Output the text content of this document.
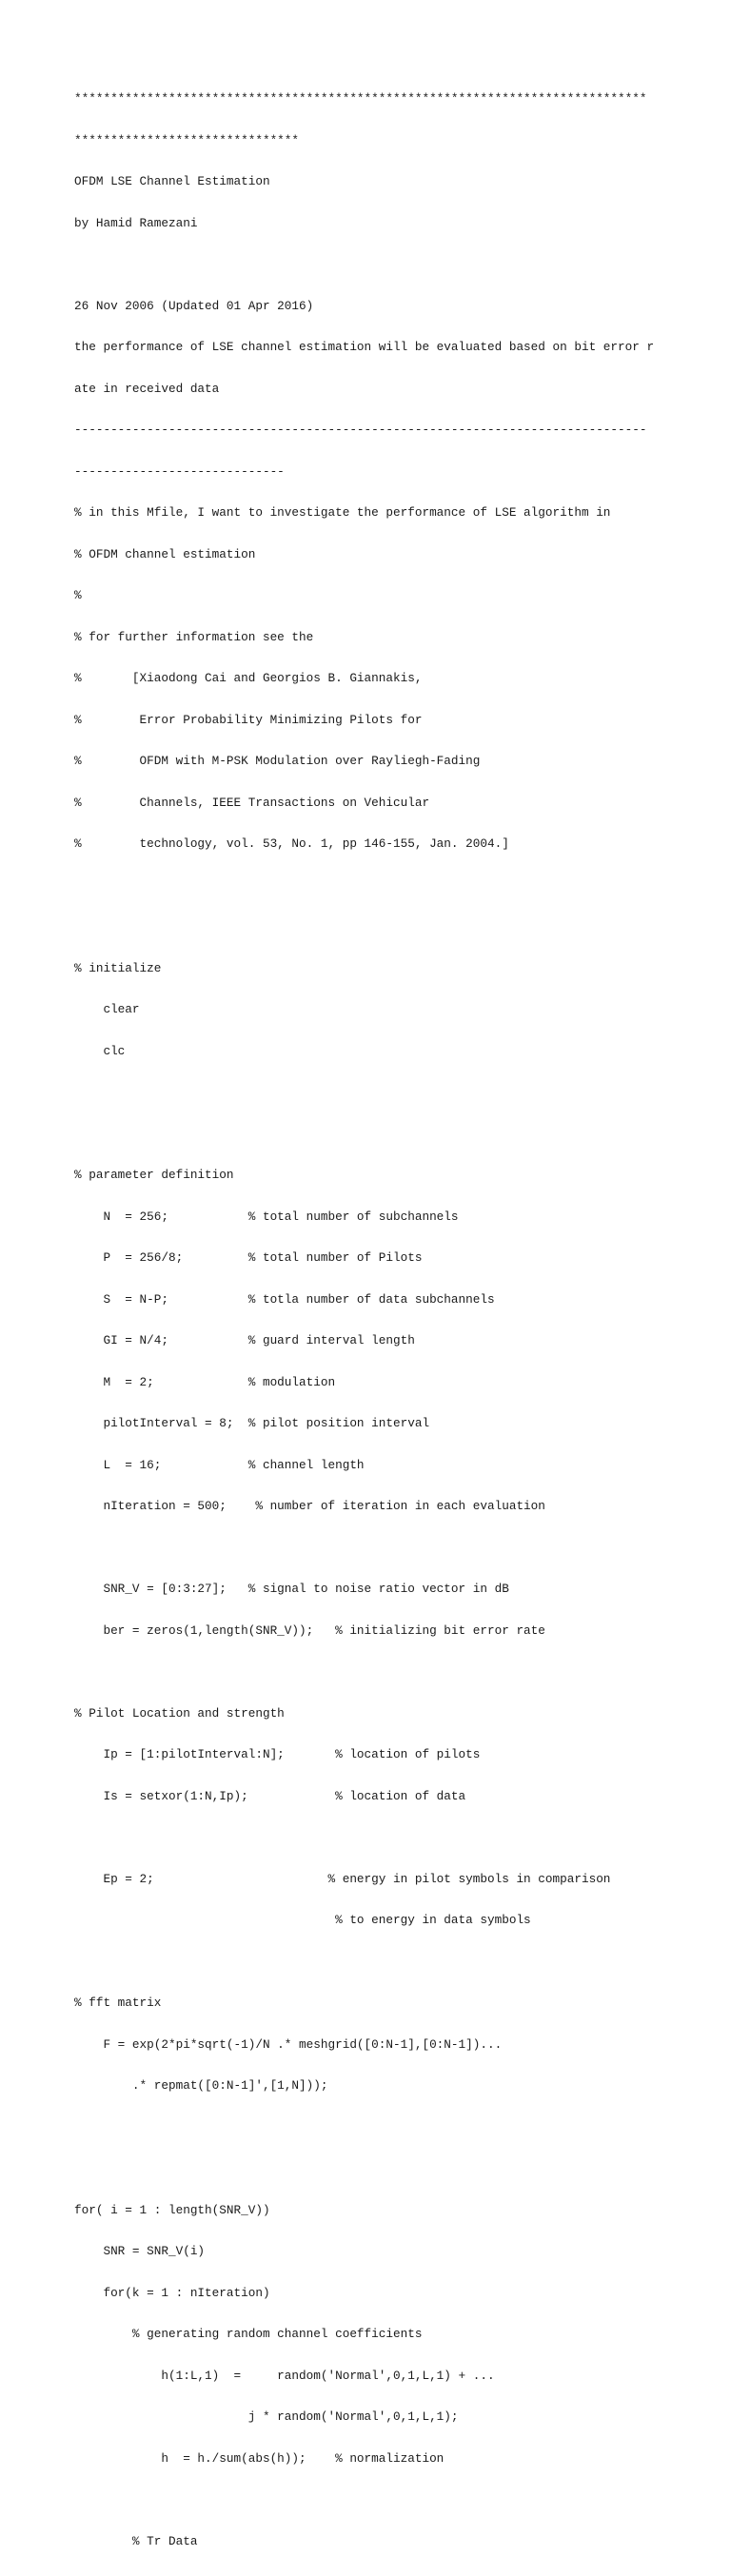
*******************************************************************************

*******************************

OFDM LSE Channel Estimation

by Hamid Ramezani

26 Nov 2006 (Updated 01 Apr 2016)

the performance of LSE channel estimation will be evaluated based on bit error r

ate in received data

-------------------------------------------------------------------------------

-----------------------------

% in this Mfile, I want to investigate the performance of LSE algorithm in

% OFDM channel estimation

%

% for further information see the

%       [Xiaodong Cai and Georgios B. Giannakis,

%        Error Probability Minimizing Pilots for

%        OFDM with M-PSK Modulation over Rayliegh-Fading

%        Channels, IEEE Transactions on Vehicular

%        technology, vol. 53, No. 1, pp 146-155, Jan. 2004.]

% initialize

clear

clc

% parameter definition

N  = 256;           % total number of subchannels

P  = 256/8;         % total number of Pilots

S  = N-P;           % totla number of data subchannels

GI = N/4;           % guard interval length

M  = 2;             % modulation

pilotInterval = 8;  % pilot position interval

L  = 16;            % channel length

nIteration = 500;    % number of iteration in each evaluation

SNR_V = [0:3:27];   % signal to noise ratio vector in dB

ber = zeros(1,length(SNR_V));   % initializing bit error rate

% Pilot Location and strength

Ip = [1:pilotInterval:N];       % location of pilots

Is = setxor(1:N,Ip);            % location of data

Ep = 2;                        % energy in pilot symbols in comparison

% to energy in data symbols

% fft matrix

F = exp(2*pi*sqrt(-1)/N .* meshgrid([0:N-1],[0:N-1])...

.* repmat([0:N-1]',[1,N]));

for( i = 1 : length(SNR_V))

SNR = SNR_V(i)

for(k = 1 : nIteration)

% generating random channel coefficients

h(1:L,1)  =     random('Normal',0,1,L,1) + ...

j * random('Normal',0,1,L,1);

h  = h./sum(abs(h));    % normalization

% Tr Data
